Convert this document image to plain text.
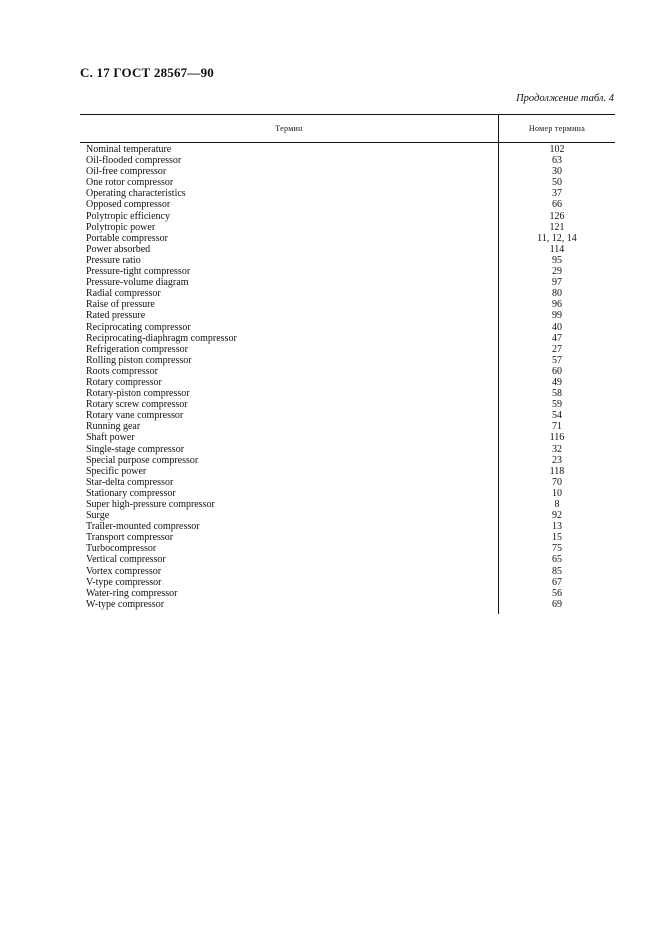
С. 17 ГОСТ 28567—90
Продолжение табл. 4
Термин	Номер термина
Nominal temperature	102
Oil-flooded compressor	63
Oil-free compressor	30
One rotor compressor	50
Operating characteristics	37
Opposed compressor	66
Polytropic efficiency	126
Polytropic power	121
Portable compressor	11, 12, 14
Power absorbed	114
Pressure ratio	95
Pressure-tight compressor	29
Pressure-volume diagram	97
Radial compressor	80
Raise of pressure	96
Rated pressure	99
Reciprocating compressor	40
Reciprocating-diaphragm compressor	47
Refrigeration compressor	27
Rolling piston compressor	57
Roots compressor	60
Rotary compressor	49
Rotary-piston compressor	58
Rotary screw compressor	59
Rotary vane compressor	54
Running gear	71
Shaft power	116
Single-stage compressor	32
Special purpose compressor	23
Specific power	118
Star-delta compressor	70
Stationary compressor	10
Super high-pressure compressor	8
Surge	92
Trailer-mounted compressor	13
Transport compressor	15
Turbocompressor	75
Vertical compressor	65
Vortex compressor	85
V-type compressor	67
Water-ring compressor	56
W-type compressor	69
